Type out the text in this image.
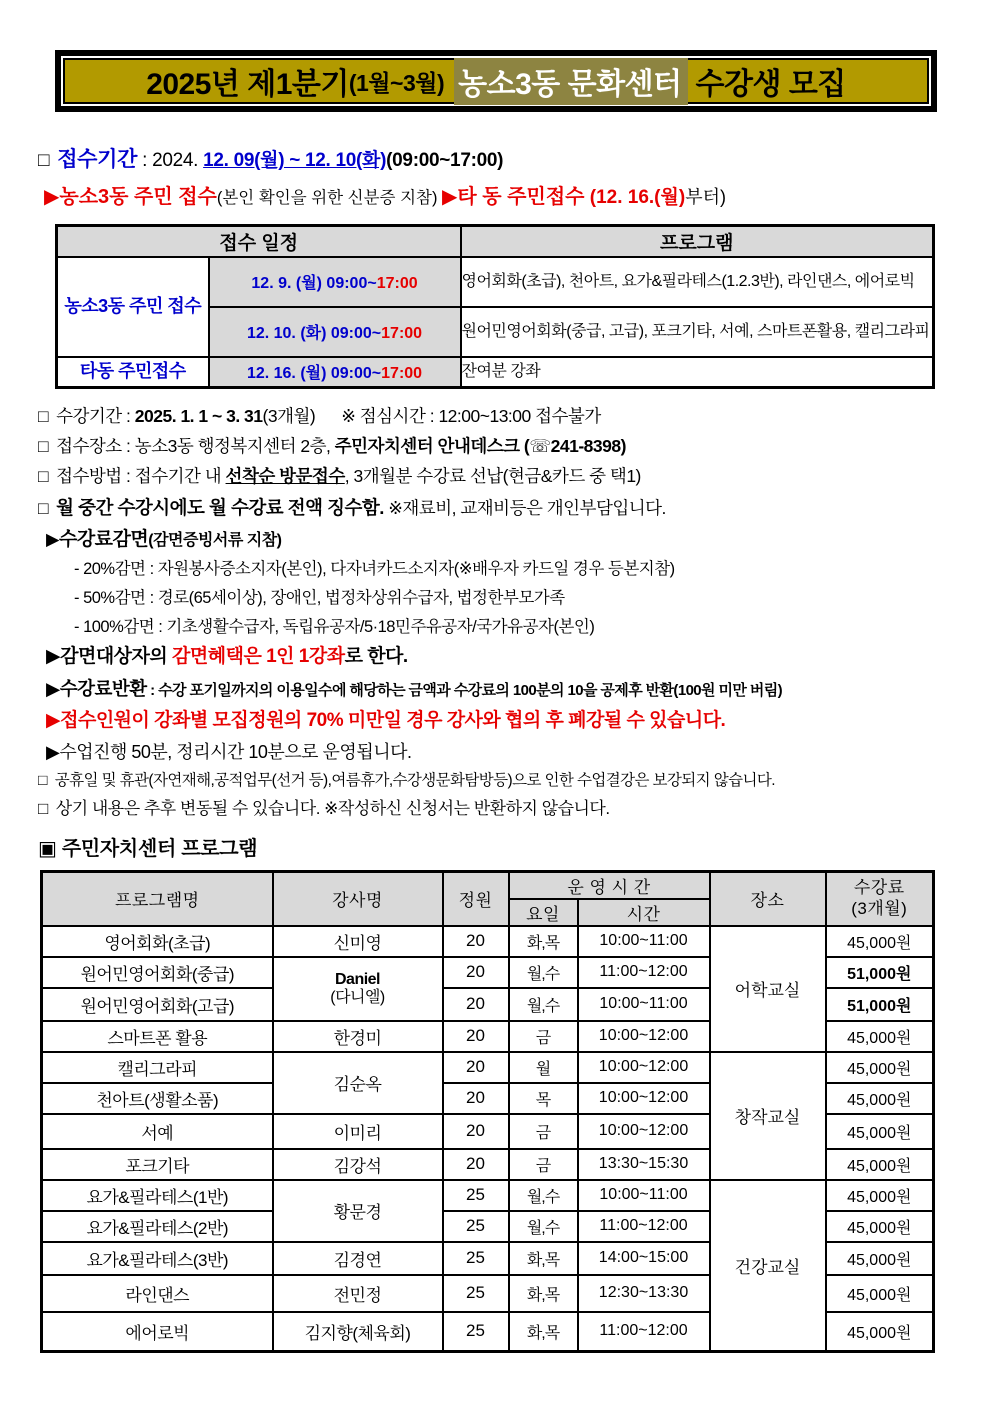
2025년 제1분기 (1월~3월) 농소3동 문화센터 수강생 모집
□ 접수기간 : 2024. 12. 09(월) ~ 12. 10(화)(09:00~17:00)
▶농소3동 주민 접수(본인 확인을 위한 신분증 지참) ▶타 동 주민접수 (12. 16.(월)부터)
접수 일정		프로그램
농소3동 주민 접수	12. 9. (월) 09:00~17:00	영어회화(초급), 천아트, 요가&필라테스(1.2.3반), 라인댄스, 에어로빅
	12. 10. (화) 09:00~17:00	원어민영어회화(중급, 고급), 포크기타, 서예, 스마트폰활용, 캘리그라피
타동 주민접수	12. 16. (월) 09:00~17:00	잔여분 강좌
□ 수강기간 : 2025. 1. 1 ~ 3. 31(3개월) ※ 점심시간 : 12:00~13:00 접수불가
□ 접수장소 : 농소3동 행정복지센터 2층, 주민자치센터 안내데스크 (☏241-8398)
□ 접수방법 : 접수기간 내 선착순 방문접수, 3개월분 수강료 선납(현금&카드 중 택1)
□ 월 중간 수강시에도 월 수강료 전액 징수함. ※재료비, 교재비등은 개인부담입니다.
▶수강료감면(감면증빙서류 지참)
- 20%감면 : 자원봉사증소지자(본인), 다자녀카드소지자(※배우자 카드일 경우 등본지참)
- 50%감면 : 경로(65세이상), 장애인, 법정차상위수급자, 법정한부모가족
- 100%감면 : 기초생활수급자, 독립유공자/5·18민주유공자/국가유공자(본인)
▶감면대상자의 감면혜택은 1인 1강좌로 한다.
▶수강료반환 : 수강 포기일까지의 이용일수에 해당하는 금액과 수강료의 100분의 10을 공제후 반환(100원 미만 버림)
▶접수인원이 강좌별 모집정원의 70% 미만일 경우 강사와 협의 후 폐강될 수 있습니다.
▶수업진행 50분, 정리시간 10분으로 운영됩니다.
□ 공휴일 및 휴관(자연재해,공적업무(선거 등),여름휴가,수강생문화탐방등)으로 인한 수업결강은 보강되지 않습니다.
□ 상기 내용은 추후 변동될 수 있습니다. ※작성하신 신청서는 반환하지 않습니다.
▣ 주민자치센터 프로그램
프로그램명	강사명	정원	운 영 시 간		장소	수강료
(3개월)

			요일	시간		
영어회화(초급)	신미영	20	화,목	10:00~11:00	어학교실	45,000원
원어민영어회화(중급)	Daniel
(다니엘)	20	월,수	11:00~12:00		51,000원
원어민영어회화(고급)		20	월,수	10:00~11:00		51,000원
스마트폰 활용	한경미	20	금	10:00~12:00		45,000원
캘리그라피	김순옥	20	월	10:00~12:00	창작교실	45,000원
천아트(생활소품)		20	목	10:00~12:00		45,000원
서예	이미리	20	금	10:00~12:00		45,000원
포크기타	김강석	20	금	13:30~15:30		45,000원
요가&필라테스(1반)	황문경	25	월,수	10:00~11:00	건강교실	45,000원
요가&필라테스(2반)		25	월,수	11:00~12:00		45,000원
요가&필라테스(3반)	김경연	25	화,목	14:00~15:00		45,000원
라인댄스	전민정	25	화,목	12:30~13:30		45,000원
에어로빅	김지향(체육회)	25	화,목	11:00~12:00		45,000원
